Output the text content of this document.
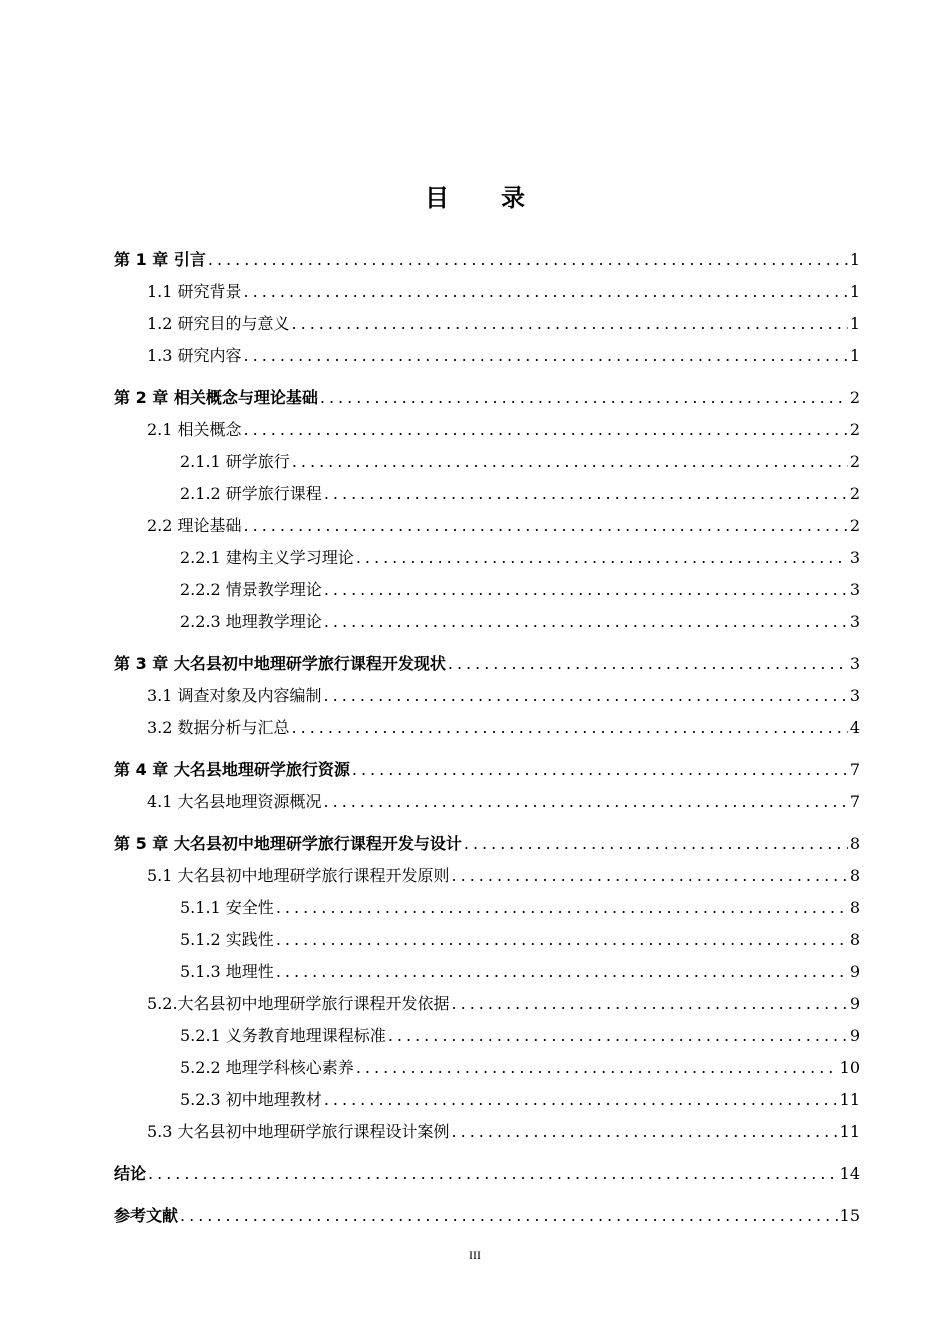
目 录
第 1 章 引言 .....	1
1.1 研究背景 .....	1
1.2 研究目的与意义 .....	1
1.3 研究内容 .....	1
第 2 章 相关概念与理论基础 .....	2
2.1 相关概念 .....	2
2.1.1 研学旅行 .....	2
2.1.2 研学旅行课程 .....	2
2.2 理论基础 .....	2
2.2.1 建构主义学习理论 .....	3
2.2.2 情景教学理论 .....	3
2.2.3 地理教学理论 .....	3
第 3 章 大名县初中地理研学旅行课程开发现状 .....	3
3.1 调查对象及内容编制 .....	3
3.2 数据分析与汇总 .....	4
第 4 章 大名县地理研学旅行资源 .....	7
4.1 大名县地理资源概况 .....	7
第 5 章 大名县初中地理研学旅行课程开发与设计 .....	8
5.1 大名县初中地理研学旅行课程开发原则 .....	8
5.1.1 安全性 .....	8
5.1.2 实践性 .....	8
5.1.3 地理性 .....	9
5.2.大名县初中地理研学旅行课程开发依据 .....	9
5.2.1 义务教育地理课程标准 .....	9
5.2.2 地理学科核心素养 .....	10
5.2.3 初中地理教材 .....	11
5.3 大名县初中地理研学旅行课程设计案例 .....	11
结论 .....	14
参考文献 .....	15
III
